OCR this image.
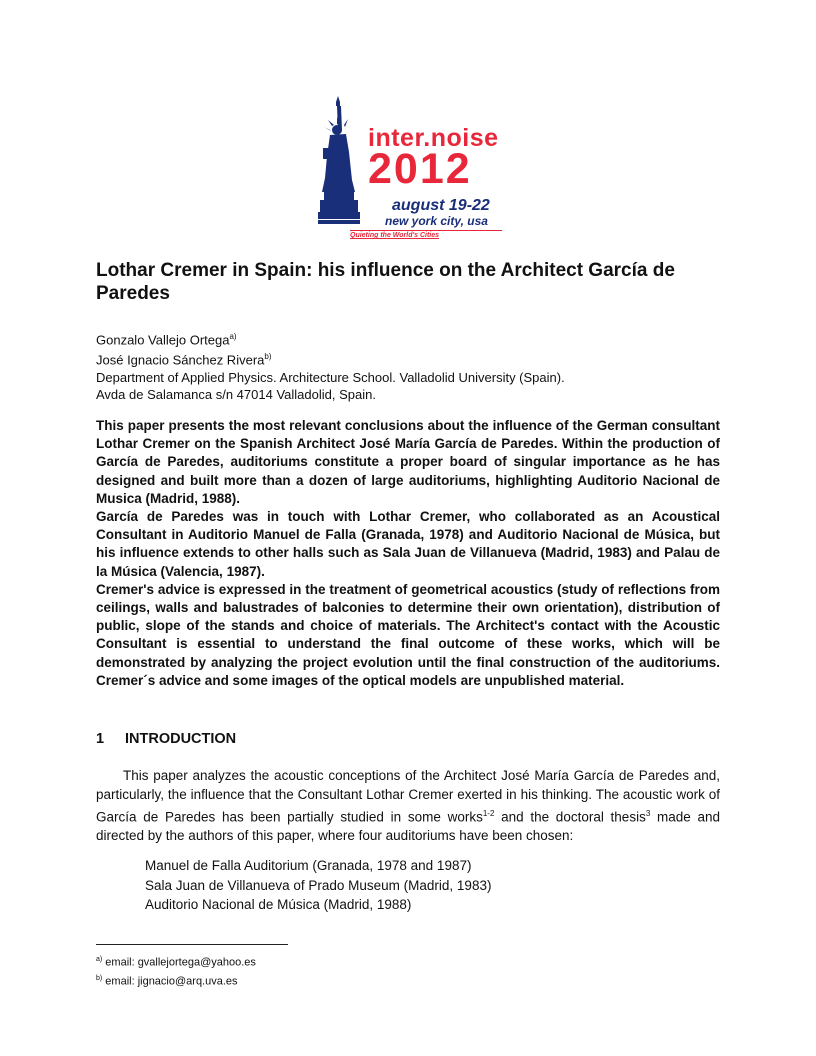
inter.noise
2012
august 19-22
new york city, usa
Quieting the World's Cities
Lothar Cremer in Spain: his influence on the Architect García de Paredes
Gonzalo Vallejo Ortega$^{a)}$
José Ignacio Sánchez Rivera$^{b)}$
Department of Applied Physics. Architecture School. Valladolid University (Spain).
Avda de Salamanca s/n 47014 Valladolid, Spain.

This paper presents the most relevant conclusions about the influence of the German consultant Lothar Cremer on the Spanish Architect José María García de Paredes. Within the production of García de Paredes, auditoriums constitute a proper board of singular importance as he has designed and built more than a dozen of large auditoriums, highlighting Auditorio Nacional de Musica (Madrid, 1988).

García de Paredes was in touch with Lothar Cremer, who collaborated as an Acoustical Consultant in Auditorio Manuel de Falla (Granada, 1978) and Auditorio Nacional de Música, but his influence extends to other halls such as Sala Juan de Villanueva (Madrid, 1983) and Palau de la Música (Valencia, 1987).

Cremer's advice is expressed in the treatment of geometrical acoustics (study of reflections from ceilings, walls and balustrades of balconies to determine their own orientation), distribution of public, slope of the stands and choice of materials. The Architect's contact with the Acoustic Consultant is essential to understand the final outcome of these works, which will be demonstrated by analyzing the project evolution until the final construction of the auditoriums. Cremer´s advice and some images of the optical models are unpublished material.

1 INTRODUCTION
This paper analyzes the acoustic conceptions of the Architect José María García de Paredes and, particularly, the influence that the Consultant Lothar Cremer exerted in his thinking. The acoustic work of García de Paredes has been partially studied in some works$^{1-2}$ and the doctoral thesis$^3$ made and directed by the authors of this paper, where four auditoriums have been chosen:
Manuel de Falla Auditorium (Granada, 1978 and 1987)
Sala Juan de Villanueva of Prado Museum (Madrid, 1983)
Auditorio Nacional de Música (Madrid, 1988)
$^{a)}$ email: gvallejortega@yahoo.es
$^{b)}$ email: jignacio@arq.uva.es
